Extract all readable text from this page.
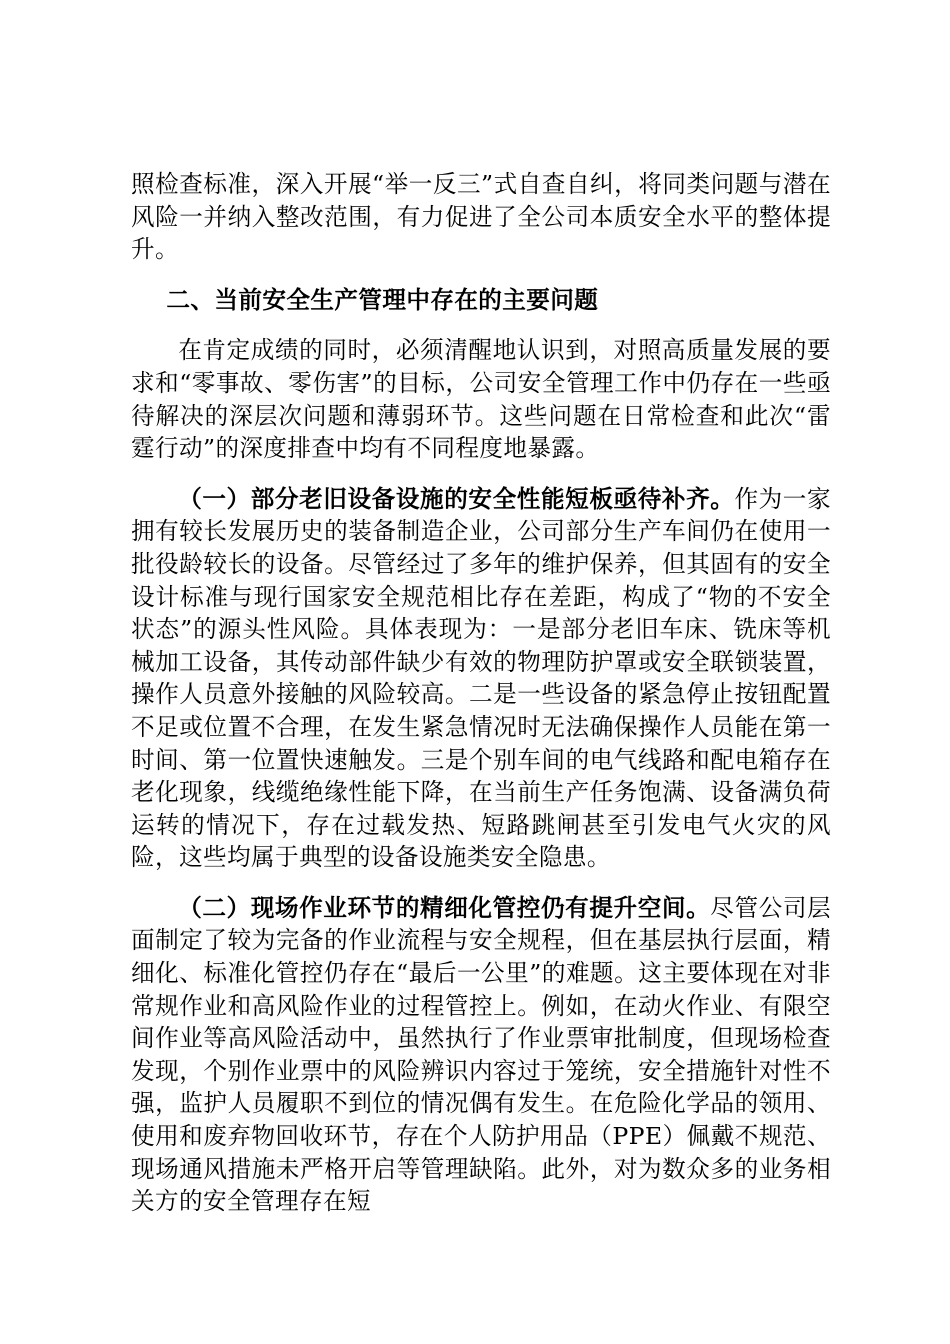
照检查标准，深入开展“举一反三”式自查自纠，将同类问题与潜在风险一并纳入整改范围，有力促进了全公司本质安全水平的整体提升。

二、当前安全生产管理中存在的主要问题

在肯定成绩的同时，必须清醒地认识到，对照高质量发展的要求和“零事故、零伤害”的目标，公司安全管理工作中仍存在一些亟待解决的深层次问题和薄弱环节。这些问题在日常检查和此次“雷霆行动”的深度排查中均有不同程度地暴露。

（一）部分老旧设备设施的安全性能短板亟待补齐。作为一家拥有较长发展历史的装备制造企业，公司部分生产车间仍在使用一批役龄较长的设备。尽管经过了多年的维护保养，但其固有的安全设计标准与现行国家安全规范相比存在差距，构成了“物的不安全状态”的源头性风险。具体表现为：一是部分老旧车床、铣床等机械加工设备，其传动部件缺少有效的物理防护罩或安全联锁装置，操作人员意外接触的风险较高。二是一些设备的紧急停止按钮配置不足或位置不合理，在发生紧急情况时无法确保操作人员能在第一时间、第一位置快速触发。三是个别车间的电气线路和配电箱存在老化现象，线缆绝缘性能下降，在当前生产任务饱满、设备满负荷运转的情况下，存在过载发热、短路跳闸甚至引发电气火灾的风险，这些均属于典型的设备设施类安全隐患。

（二）现场作业环节的精细化管控仍有提升空间。尽管公司层面制定了较为完备的作业流程与安全规程，但在基层执行层面，精细化、标准化管控仍存在“最后一公里”的难题。这主要体现在对非常规作业和高风险作业的过程管控上。例如，在动火作业、有限空间作业等高风险活动中，虽然执行了作业票审批制度，但现场检查发现，个别作业票中的风险辨识内容过于笼统，安全措施针对性不强，监护人员履职不到位的情况偶有发生。在危险化学品的领用、使用和废弃物回收环节，存在个人防护用品（PPE）佩戴不规范、现场通风措施未严格开启等管理缺陷。此外，对为数众多的业务相关方的安全管理存在短
